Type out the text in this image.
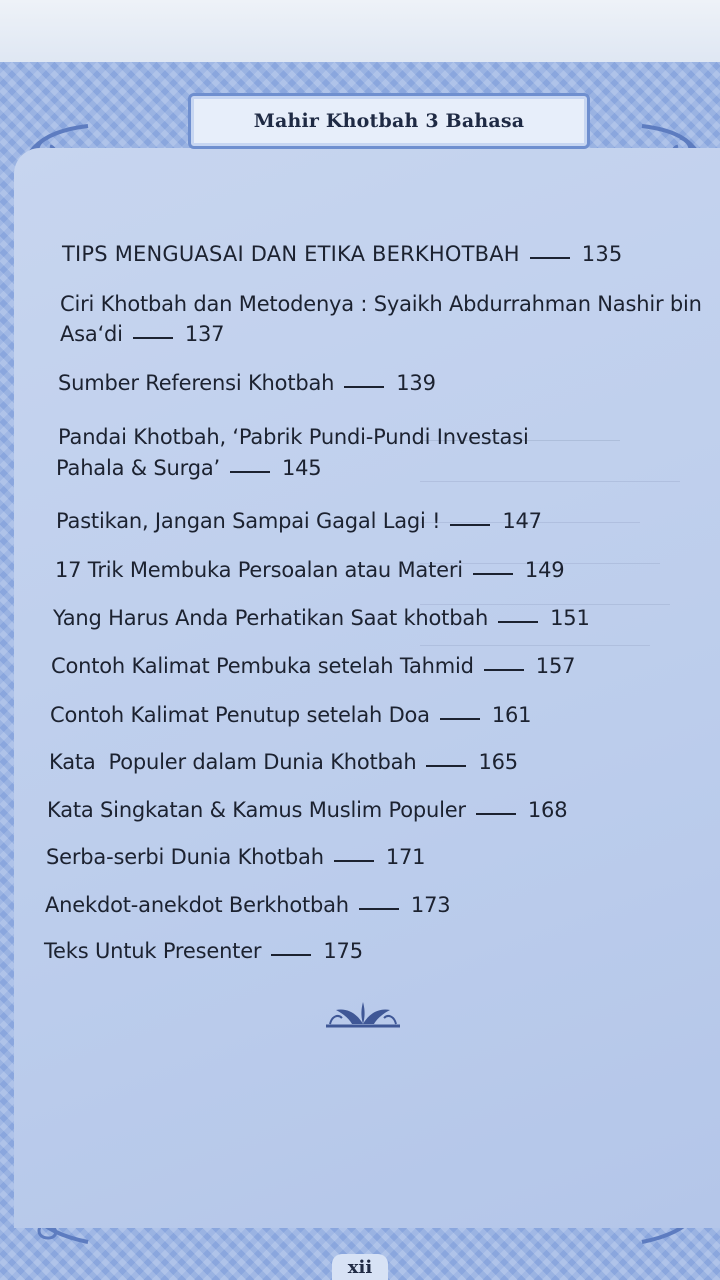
Mahir Khotbah 3 Bahasa
TIPS MENGUASAI DAN ETIKA BERKHOTBAH	135
Ciri Khotbah dan Metodenya : Syaikh Abdurrahman Nashir bin
Asa‘di	137
Sumber Referensi Khotbah	139
Pandai Khotbah, ‘Pabrik Pundi-Pundi Investasi
Pahala & Surga’	145
Pastikan, Jangan Sampai Gagal Lagi !	147
17 Trik Membuka Persoalan atau Materi	149
Yang Harus Anda Perhatikan Saat khotbah	151
Contoh Kalimat Pembuka setelah Tahmid	157
Contoh Kalimat Penutup setelah Doa	161
Kata  Populer dalam Dunia Khotbah	165
Kata Singkatan & Kamus Muslim Populer	168
Serba-serbi Dunia Khotbah	171
Anekdot-anekdot Berkhotbah	173
Teks Untuk Presenter	175
xii
